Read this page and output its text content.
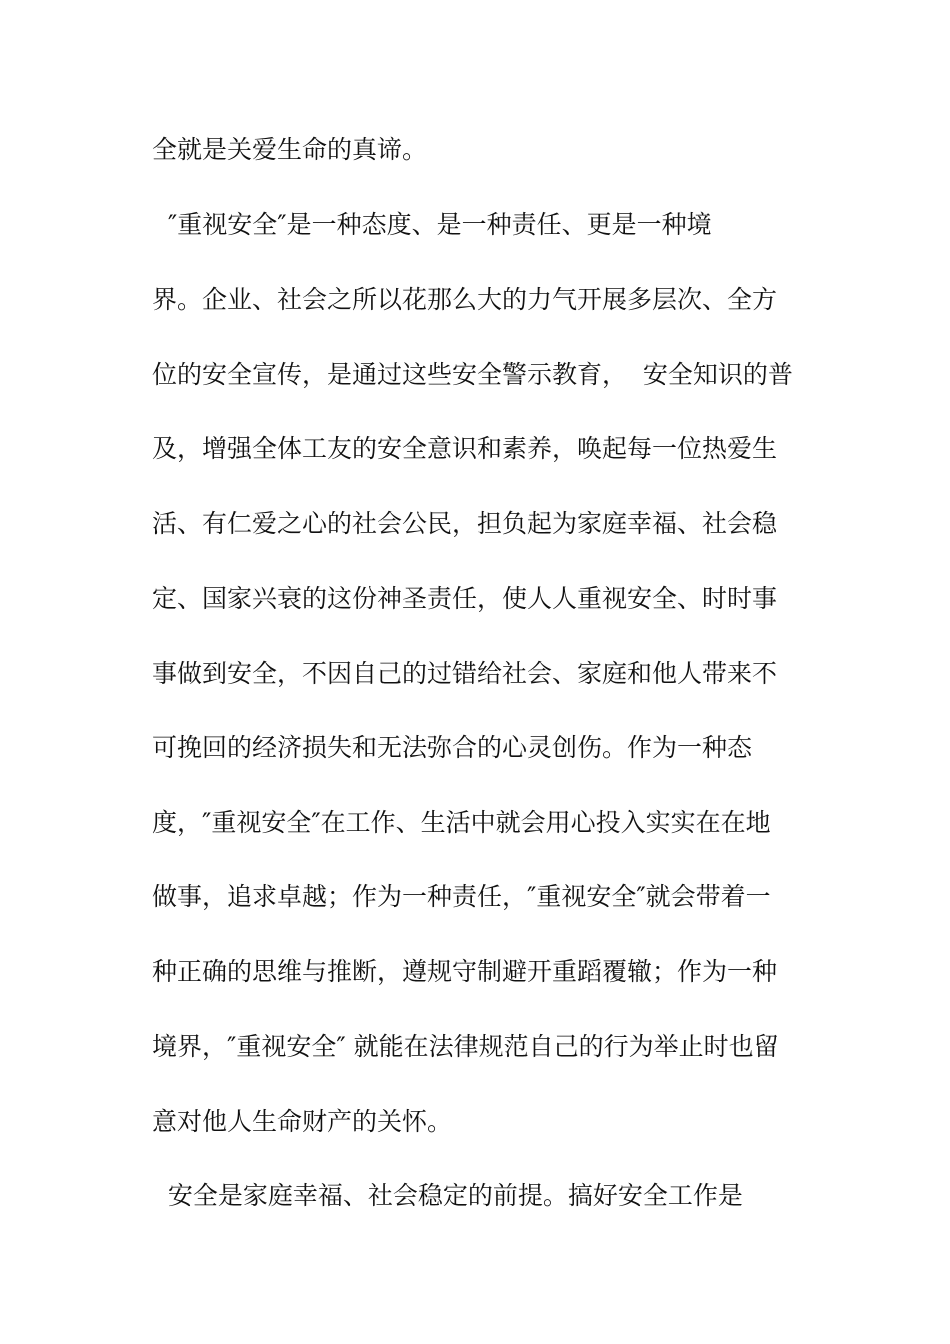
全就是关爱生命的真谛。
″重视安全″是一种态度、是一种责任、更是一种境
界。企业、社会之所以花那么大的力气开展多层次、全方
位的安全宣传，是通过这些安全警示教育，  安全知识的普
及，增强全体工友的安全意识和素养，唤起每一位热爱生
活、有仁爱之心的社会公民，担负起为家庭幸福、社会稳
定、国家兴衰的这份神圣责任，使人人重视安全、时时事
事做到安全，不因自己的过错给社会、家庭和他人带来不
可挽回的经济损失和无法弥合的心灵创伤。作为一种态
度，″重视安全″在工作、生活中就会用心投入实实在在地
做事，追求卓越；作为一种责任，″重视安全″就会带着一
种正确的思维与推断，遵规守制避开重蹈覆辙；作为一种
境界，″重视安全″ 就能在法律规范自己的行为举止时也留
意对他人生命财产的关怀。
安全是家庭幸福、社会稳定的前提。搞好安全工作是
